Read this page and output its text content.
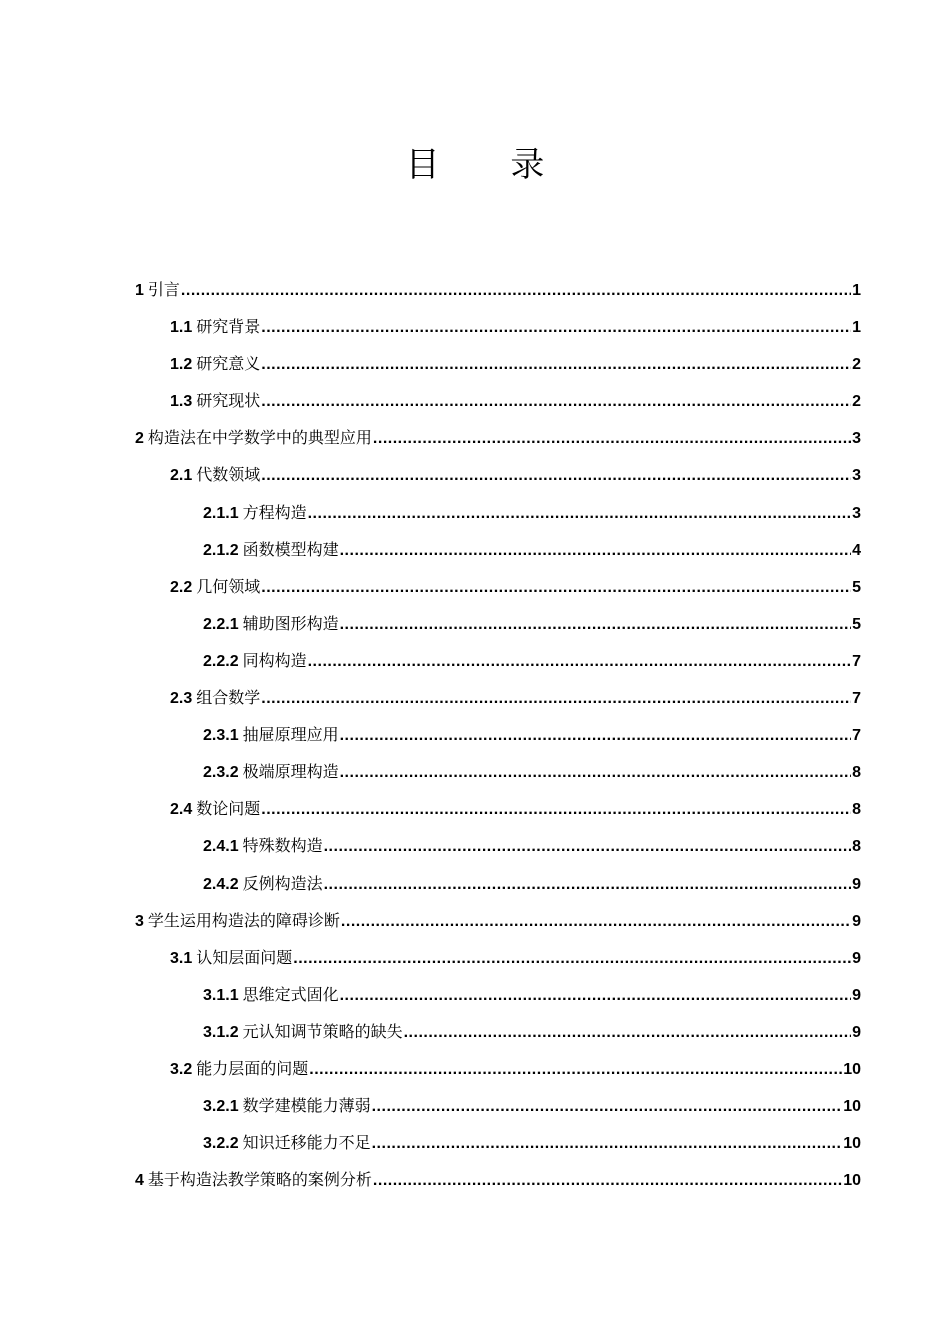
目 录
1 引言 .....	1
1.1 研究背景 .....	1
1.2 研究意义 .....	2
1.3 研究现状 .....	2
2 构造法在中学数学中的典型应用 .....	3
2.1 代数领域 .....	3
2.1.1 方程构造 .....	3
2.1.2 函数模型构建 .....	4
2.2 几何领域 .....	5
2.2.1 辅助图形构造 .....	5
2.2.2 同构构造 .....	7
2.3 组合数学 .....	7
2.3.1 抽屉原理应用 .....	7
2.3.2 极端原理构造 .....	8
2.4 数论问题 .....	8
2.4.1 特殊数构造 .....	8
2.4.2 反例构造法 .....	9
3 学生运用构造法的障碍诊断 .....	9
3.1 认知层面问题 .....	9
3.1.1 思维定式固化 .....	9
3.1.2 元认知调节策略的缺失 .....	9
3.2 能力层面的问题 .....	10
3.2.1 数学建模能力薄弱 .....	10
3.2.2 知识迁移能力不足 .....	10
4 基于构造法教学策略的案例分析 .....	10
